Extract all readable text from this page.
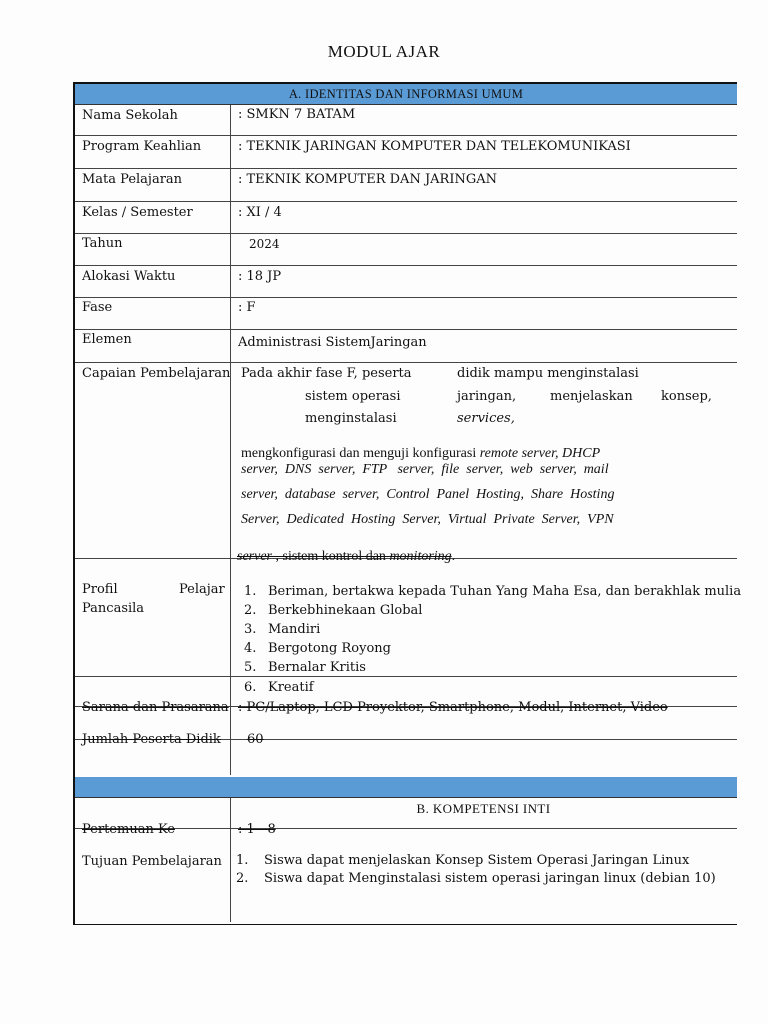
MODUL AJAR
A. IDENTITAS DAN INFORMASI UMUM
Nama Sekolah	: SMKN 7 BATAM
Program Keahlian	: TEKNIK JARINGAN KOMPUTER DAN TELEKOMUNIKASI
Mata Pelajaran	: TEKNIK KOMPUTER DAN JARINGAN
Kelas / Semester	: XI / 4
Tahun	2024
Alokasi Waktu	: 18 JP
Fase	: F
Elemen	Administrasi SistemJaringan
Capaian Pembelajaran Pada akhir fase F, peserta	didik mampu menginstalasi
sistem operasi	jaringan,	menjelaskan konsep,
menginstalasi	services,
mengkonfigurasi dan menguji konfigurasi remote server, DHCP
server,  DNS  server,  FTP   server,  file  server,  web  server,  mail
server,  database  server,  Control  Panel  Hosting,  Share  Hosting
Server,  Dedicated  Hosting  Server,  Virtual  Private  Server,  VPN
server , sistem kontrol dan monitoring.
Profil	Pelajar
Pancasila
1. Beriman, bertakwa kepada Tuhan Yang Maha Esa, dan berakhlak mulia
2. Berkebhinekaan Global
3. Mandiri
4. Bergotong Royong
5. Bernalar Kritis
6. Kreatif
Sarana dan Prasarana : PC/Laptop, LCD Proyektor, Smartphone, Modul, Internet, Video
Jumlah Peserta Didik	60
B. KOMPETENSI INTI
Pertemuan Ke	: 1 - 8
Tujuan Pembelajaran	1. Siswa dapat menjelaskan Konsep Sistem Operasi Jaringan Linux
2. Siswa dapat Menginstalasi sistem operasi jaringan linux (debian 10)
